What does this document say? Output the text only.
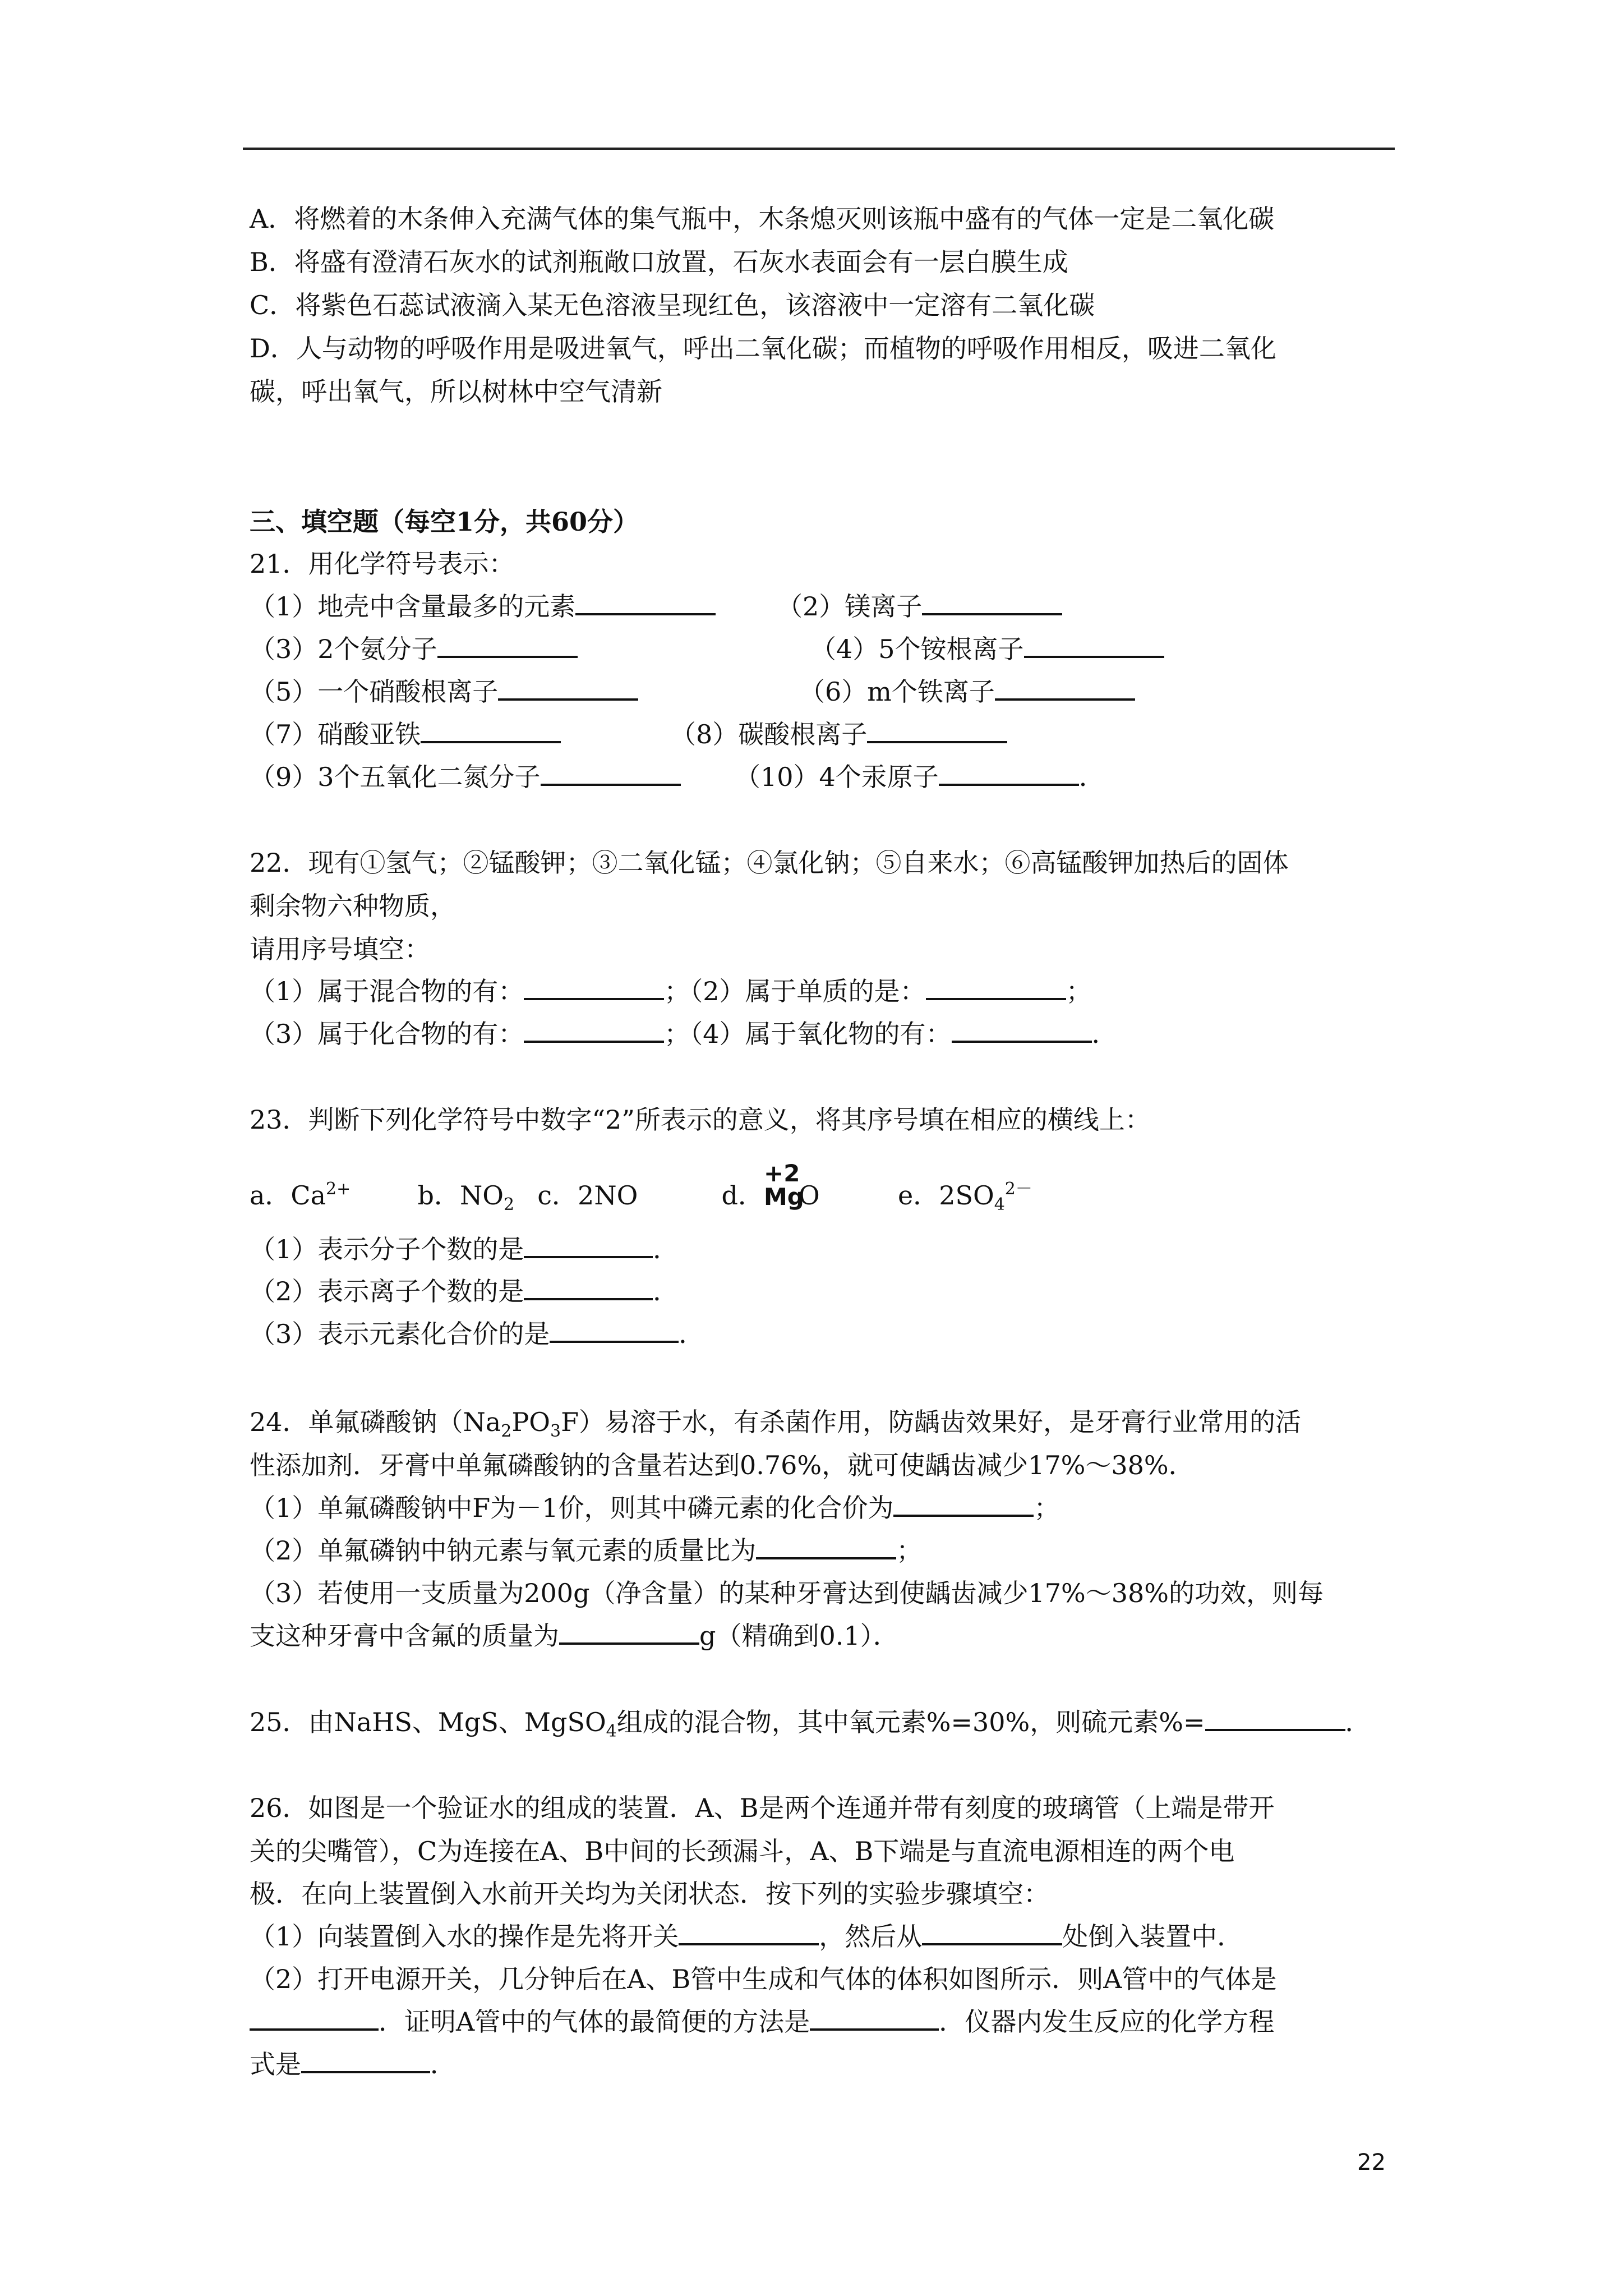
A．将燃着的木条伸入充满气体的集气瓶中，木条熄灭则该瓶中盛有的气体一定是二氧化碳
B．将盛有澄清石灰水的试剂瓶敞口放置，石灰水表面会有一层白膜生成
C．将紫色石蕊试液滴入某无色溶液呈现红色，该溶液中一定溶有二氧化碳
D．人与动物的呼吸作用是吸进氧气，呼出二氧化碳；而植物的呼吸作用相反，吸进二氧化
碳，呼出氧气，所以树林中空气清新
三、填空题（每空1分，共60分）
21．用化学符号表示：
（1）地壳中含量最多的元素	（2）镁离子
（3）2个氨分子	（4）5个铵根离子
（5）一个硝酸根离子	（6）m个铁离子
（7）硝酸亚铁	（8）碳酸根离子
（9）3个五氧化二氮分子	（10）4个汞原子	．
22．现有①氢气；②锰酸钾；③二氧化锰；④氯化钠；⑤自来水；⑥高锰酸钾加热后的固体
剩余物六种物质，
请用序号填空：
（1）属于混合物的有：	；（2）属于单质的是：	；
（3）属于化合物的有：	；（4）属于氧化物的有：	．
23．判断下列化学符号中数字“2”所表示的意义，将其序号填在相应的横线上：
a．$Ca^{2+}$	b．$NO_2$ c．2NO	d．
+2
Mg
O	e．$2SO_4^{2-}$
（1）表示分子个数的是	．
（2）表示离子个数的是	．
（3）表示元素化合价的是	．
24．单氟磷酸钠$(Na_2PO_3F)$易溶于水，有杀菌作用，防龋齿效果好，是牙膏行业常用的活
性添加剂．牙膏中单氟磷酸钠的含量若达到0.76%，就可使龋齿减少17%～38%．
（1）单氟磷酸钠中F为－1价，则其中磷元素的化合价为	；
（2）单氟磷钠中钠元素与氧元素的质量比为	；
（3）若使用一支质量为200g（净含量）的某种牙膏达到使龋齿减少17%～38%的功效，则每
支这种牙膏中含氟的质量为	g（精确到0.1）．
25．由NaHS、MgS、MgSO$_4$组成的混合物，其中氧元素%=30%，则硫元素%=	．
26．如图是一个验证水的组成的装置．A、B是两个连通并带有刻度的玻璃管（上端是带开
关的尖嘴管），C为连接在A、B中间的长颈漏斗，A、B下端是与直流电源相连的两个电
极．在向上装置倒入水前开关均为关闭状态．按下列的实验步骤填空：
（1）向装置倒入水的操作是先将开关	，然后从	处倒入装置中．
（2）打开电源开关，几分钟后在A、B管中生成和气体的体积如图所示．则A管中的气体是
．证明A管中的气体的最简便的方法是	．仪器内发生反应的化学方程
式是	．
22
